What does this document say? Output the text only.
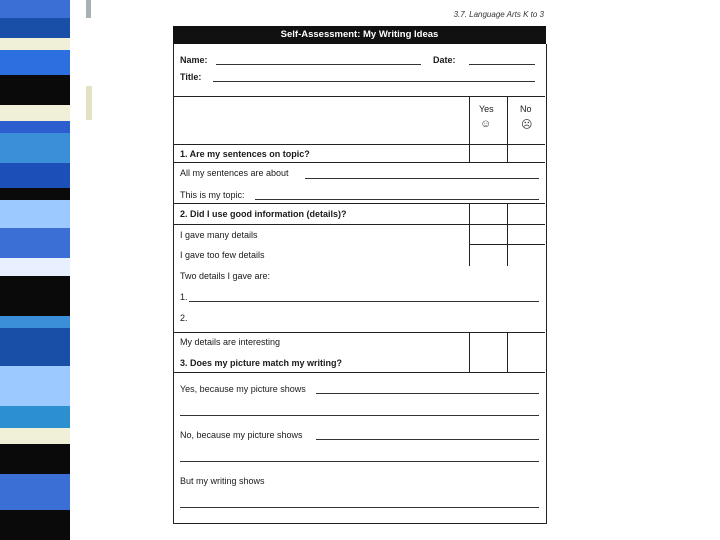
3.7. Language Arts K to 3
Self-Assessment: My Writing Ideas
Name:	Date:
Title:
Yes
☺
No
☹
1. Are my sentences on topic?
All my sentences are about
This is my topic:
2. Did I use good information (details)?
I gave many details
I gave too few details
Two details I gave are:
1.
2.
My details are interesting
3. Does my picture match my writing?
Yes, because my picture shows
No, because my picture shows
But my writing shows
